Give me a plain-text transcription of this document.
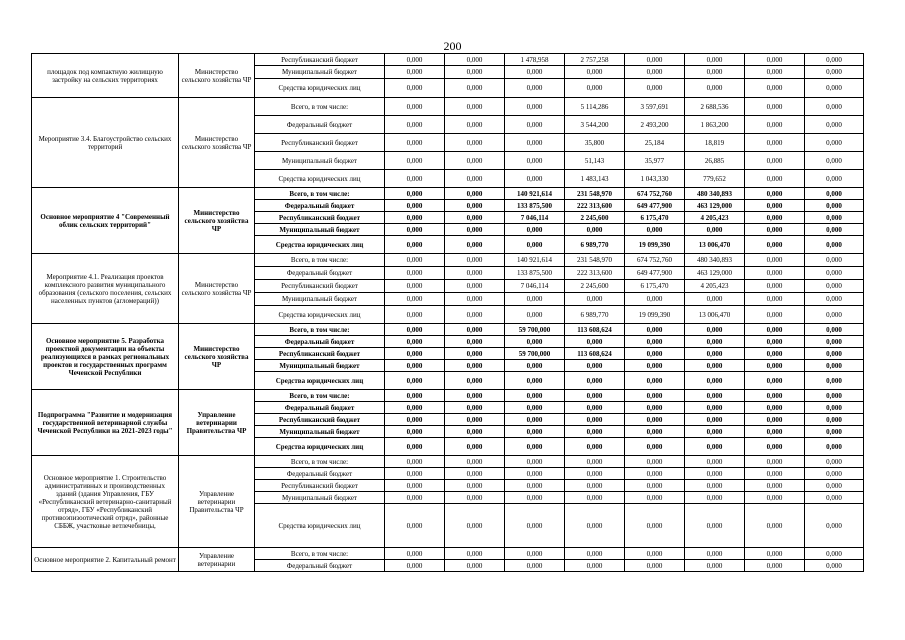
200
площадок под компактную жилищную застройку на сельских территориях	Министерство сельского хозяйства ЧР	Республиканский бюджет	0,000	0,000	1 478,958	2 757,258	0,000	0,000	0,000	0,000
		Муниципальный бюджет	0,000	0,000	0,000	0,000	0,000	0,000	0,000	0,000
		Средства юридических лиц	0,000	0,000	0,000	0,000	0,000	0,000	0,000	0,000
Мероприятие 3.4. Благоустройство сельских территорий	Министерство сельского хозяйства ЧР	Всего, в том числе:	0,000	0,000	0,000	5 114,286	3 597,691	2 688,536	0,000	0,000
		Федеральный бюджет	0,000	0,000	0,000	3 544,200	2 493,200	1 863,200	0,000	0,000
		Республиканский бюджет	0,000	0,000	0,000	35,800	25,184	18,819	0,000	0,000
		Муниципальный бюджет	0,000	0,000	0,000	51,143	35,977	26,885	0,000	0,000
		Средства юридических лиц	0,000	0,000	0,000	1 483,143	1 043,330	779,652	0,000	0,000
Основное мероприятие 4 "Современный облик сельских территорий"	Министерство сельского хозяйства ЧР	Всего, в том числе:	0,000	0,000	140 921,614	231 548,970	674 752,760	480 340,893	0,000	0,000
		Федеральный бюджет	0,000	0,000	133 875,500	222 313,600	649 477,900	463 129,000	0,000	0,000
		Республиканский бюджет	0,000	0,000	7 046,114	2 245,600	6 175,470	4 205,423	0,000	0,000
		Муниципальный бюджет	0,000	0,000	0,000	0,000	0,000	0,000	0,000	0,000
		Средства юридических лиц	0,000	0,000	0,000	6 989,770	19 099,390	13 006,470	0,000	0,000
Мероприятие 4.1. Реализация проектов комплексного развития муниципального образования (сельского поселения, сельских населенных пунктов (агломераций))	Министерство сельского хозяйства ЧР	Всего, в том числе:	0,000	0,000	140 921,614	231 548,970	674 752,760	480 340,893	0,000	0,000
		Федеральный бюджет	0,000	0,000	133 875,500	222 313,600	649 477,900	463 129,000	0,000	0,000
		Республиканский бюджет	0,000	0,000	7 046,114	2 245,600	6 175,470	4 205,423	0,000	0,000
		Муниципальный бюджет	0,000	0,000	0,000	0,000	0,000	0,000	0,000	0,000
		Средства юридических лиц	0,000	0,000	0,000	6 989,770	19 099,390	13 006,470	0,000	0,000
Основное мероприятие 5. Разработка проектной документации на объекты реализующихся в рамках региональных проектов и государственных программ Чеченской Республики	Министерство сельского хозяйства ЧР	Всего, в том числе:	0,000	0,000	59 700,000	113 608,624	0,000	0,000	0,000	0,000
		Федеральный бюджет	0,000	0,000	0,000	0,000	0,000	0,000	0,000	0,000
		Республиканский бюджет	0,000	0,000	59 700,000	113 608,624	0,000	0,000	0,000	0,000
		Муниципальный бюджет	0,000	0,000	0,000	0,000	0,000	0,000	0,000	0,000
		Средства юридических лиц	0,000	0,000	0,000	0,000	0,000	0,000	0,000	0,000
Подпрограмма "Развитие и модернизация государственной ветеринарной службы Чеченской Республики на 2021-2023 годы"	Управление ветеринарии Правительства ЧР	Всего, в том числе:	0,000	0,000	0,000	0,000	0,000	0,000	0,000	0,000
		Федеральный бюджет	0,000	0,000	0,000	0,000	0,000	0,000	0,000	0,000
		Республиканский бюджет	0,000	0,000	0,000	0,000	0,000	0,000	0,000	0,000
		Муниципальный бюджет	0,000	0,000	0,000	0,000	0,000	0,000	0,000	0,000
		Средства юридических лиц	0,000	0,000	0,000	0,000	0,000	0,000	0,000	0,000
Основное мероприятие 1. Строительство административных и производственных зданий (здания Управления, ГБУ «Республиканский ветеринарно-санитарный отряд», ГБУ «Республиканский противоэпизоотический отряд», районные СББЖ, участковые ветлечебницы,	Управление ветеринарии Правительства ЧР	Всего, в том числе:	0,000	0,000	0,000	0,000	0,000	0,000	0,000	0,000
		Федеральный бюджет	0,000	0,000	0,000	0,000	0,000	0,000	0,000	0,000
		Республиканский бюджет	0,000	0,000	0,000	0,000	0,000	0,000	0,000	0,000
		Муниципальный бюджет	0,000	0,000	0,000	0,000	0,000	0,000	0,000	0,000
		Средства юридических лиц	0,000	0,000	0,000	0,000	0,000	0,000	0,000	0,000
Основное мероприятие 2. Капитальный ремонт	Управление ветеринарии	Всего, в том числе:	0,000	0,000	0,000	0,000	0,000	0,000	0,000	0,000
		Федеральный бюджет	0,000	0,000	0,000	0,000	0,000	0,000	0,000	0,000
